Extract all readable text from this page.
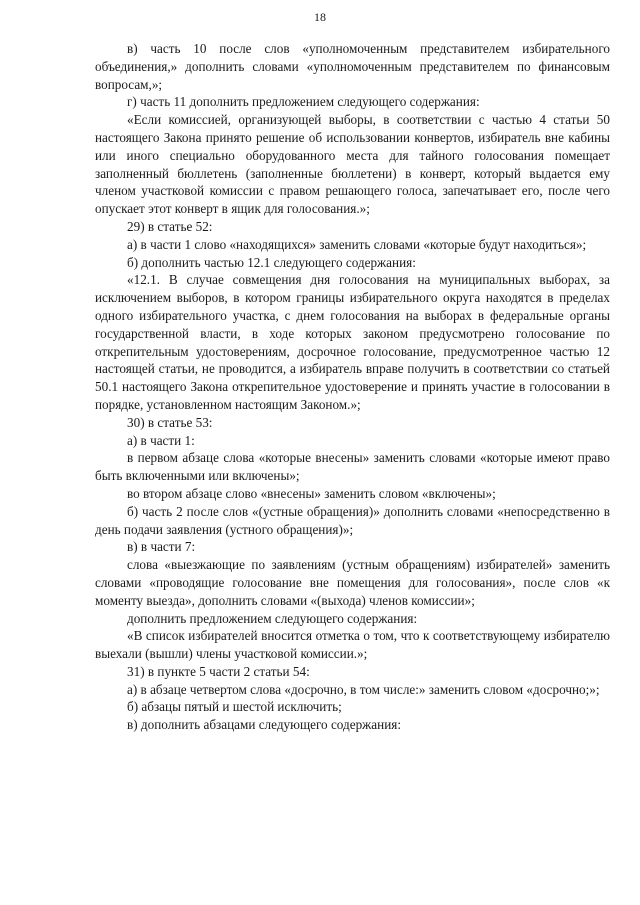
18

в) часть 10 после слов «уполномоченным представителем избирательного объединения,» дополнить словами «уполномоченным представителем по финансовым вопросам,»;

г) часть 11 дополнить предложением следующего содержания:

«Если комиссией, организующей выборы, в соответствии с частью 4 статьи 50 настоящего Закона принято решение об использовании конвертов, избиратель вне кабины или иного специально оборудованного места для тайного голосования помещает заполненный бюллетень (заполненные бюллетени) в конверт, который выдается ему членом участковой комиссии с правом решающего голоса, запечатывает его, после чего опускает этот конверт в ящик для голосования.»;

29) в статье 52:

а) в части 1 слово «находящихся» заменить словами «которые будут находиться»;

б) дополнить частью 12.1 следующего содержания:

«12.1. В случае совмещения дня голосования на муниципальных выборах, за исключением выборов, в котором границы избирательного округа находятся в пределах одного избирательного участка, с днем голосования на выборах в федеральные органы государственной власти, в ходе которых законом предусмотрено голосование по открепительным удостоверениям, досрочное голосование, предусмотренное частью 12 настоящей статьи, не проводится, а избиратель вправе получить в соответствии со статьей 50.1 настоящего Закона открепительное удостоверение и принять участие в голосовании в порядке, установленном настоящим Законом.»;

30) в статье 53:

а) в части 1:

в первом абзаце слова «которые внесены» заменить словами «которые имеют право быть включенными или включены»;

во втором абзаце слово «внесены» заменить словом «включены»;

б) часть 2 после слов «(устные обращения)» дополнить словами «непосредственно в день подачи заявления (устного обращения)»;

в) в части 7:

слова «выезжающие по заявлениям (устным обращениям) избирателей» заменить словами «проводящие голосование вне помещения для голосования», после слов «к моменту выезда», дополнить словами «(выхода) членов комиссии»;

дополнить предложением следующего содержания:

«В список избирателей вносится отметка о том, что к соответствующему избирателю выехали (вышли) члены участковой комиссии.»;

31) в пункте 5 части 2 статьи 54:

а) в абзаце четвертом слова «досрочно, в том числе:» заменить словом «досрочно;»;

б) абзацы пятый и шестой исключить;

в) дополнить абзацами следующего содержания:
